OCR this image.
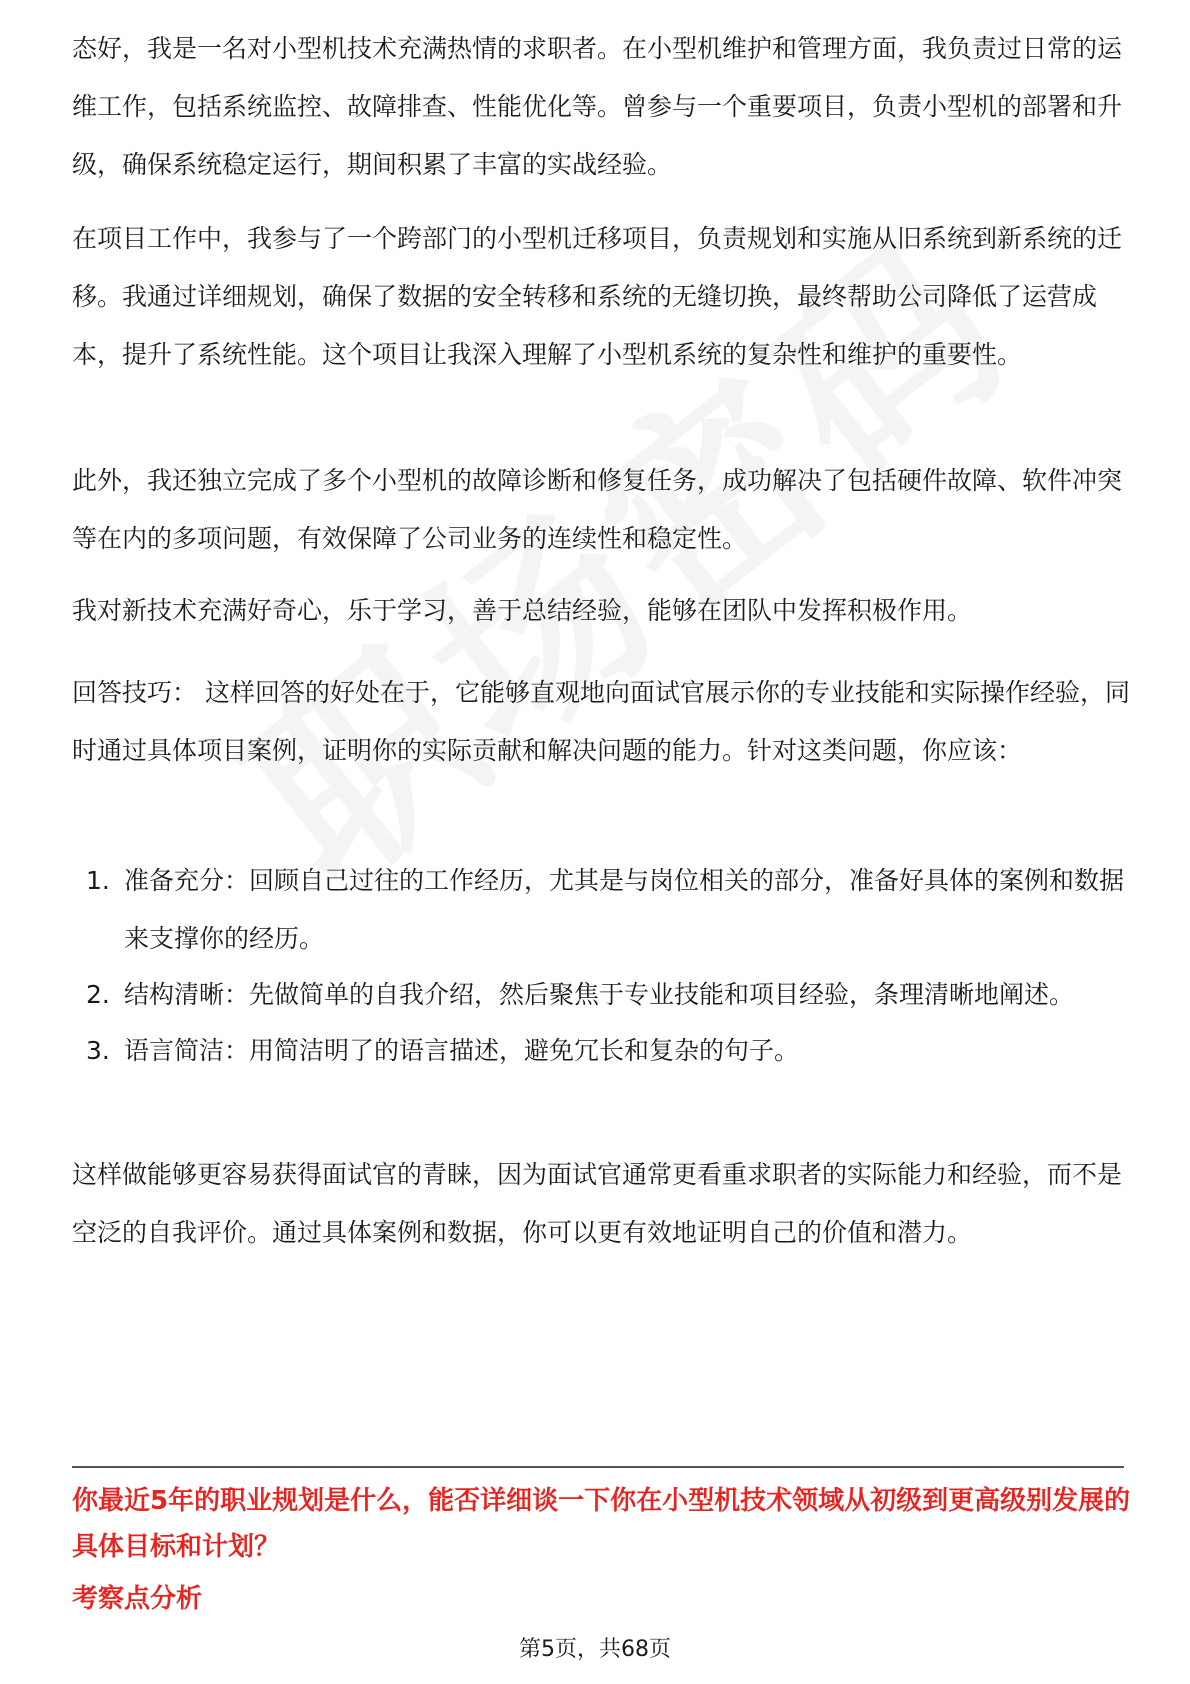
态好，我是一名对小型机技术充满热情的求职者。在小型机维护和管理方面，我负责过日常的运维工作，包括系统监控、故障排查、性能优化等。曾参与一个重要项目，负责小型机的部署和升级，确保系统稳定运行，期间积累了丰富的实战经验。

在项目工作中，我参与了一个跨部门的小型机迁移项目，负责规划和实施从旧系统到新系统的迁移。我通过详细规划，确保了数据的安全转移和系统的无缝切换，最终帮助公司降低了运营成本，提升了系统性能。这个项目让我深入理解了小型机系统的复杂性和维护的重要性。

此外，我还独立完成了多个小型机的故障诊断和修复任务，成功解决了包括硬件故障、软件冲突等在内的多项问题，有效保障了公司业务的连续性和稳定性。

我对新技术充满好奇心，乐于学习，善于总结经验，能够在团队中发挥积极作用。

回答技巧： 这样回答的好处在于，它能够直观地向面试官展示你的专业技能和实际操作经验，同时通过具体项目案例，证明你的实际贡献和解决问题的能力。针对这类问题，你应该：

1. 准备充分：回顾自己过往的工作经历，尤其是与岗位相关的部分，准备好具体的案例和数据来支撑你的经历。
2. 结构清晰：先做简单的自我介绍，然后聚焦于专业技能和项目经验，条理清晰地阐述。
3. 语言简洁：用简洁明了的语言描述，避免冗长和复杂的句子。

这样做能够更容易获得面试官的青睐，因为面试官通常更看重求职者的实际能力和经验，而不是空泛的自我评价。通过具体案例和数据，你可以更有效地证明自己的价值和潜力。

你最近5年的职业规划是什么，能否详细谈一下你在小型机技术领域从初级到更高级别发展的具体目标和计划？

考察点分析

第5页，共68页
